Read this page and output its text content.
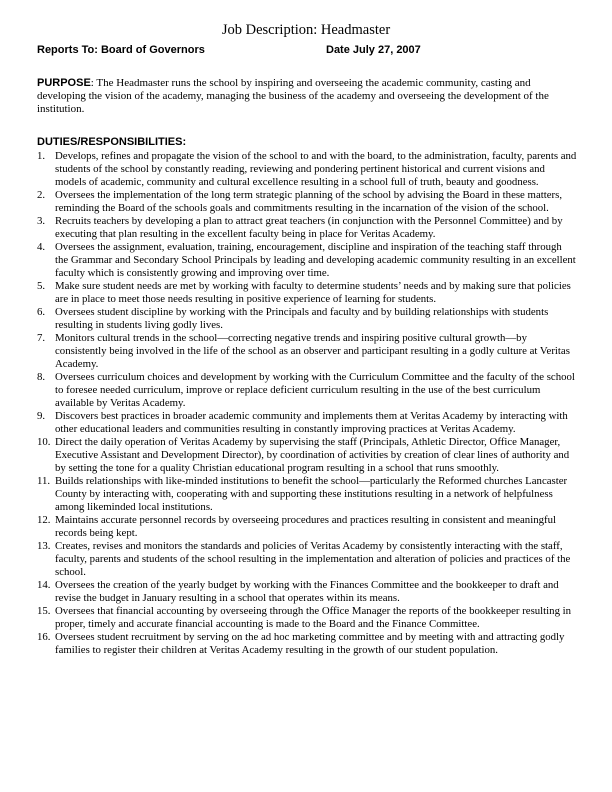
Job Description: Headmaster
Reports To: Board of Governors	Date July 27, 2007
PURPOSE: The Headmaster runs the school by inspiring and overseeing the academic community, casting and developing the vision of the academy, managing the business of the academy and overseeing the development of the institution.
DUTIES/RESPONSIBILITIES:
1. Develops, refines and propagate the vision of the school to and with the board, to the administration, faculty, parents and students of the school by constantly reading, reviewing and pondering pertinent historical and current visions and models of academic, community and cultural excellence resulting in a school full of truth, beauty and goodness.
2. Oversees the implementation of the long term strategic planning of the school by advising the Board in these matters, reminding the Board of the schools goals and commitments resulting in the incarnation of the vision of the school.
3. Recruits teachers by developing a plan to attract great teachers (in conjunction with the Personnel Committee) and by executing that plan resulting in the excellent faculty being in place for Veritas Academy.
4. Oversees the assignment, evaluation, training, encouragement, discipline and inspiration of the teaching staff through the Grammar and Secondary School Principals by leading and developing academic community resulting in an excellent faculty which is consistently growing and improving over time.
5. Make sure student needs are met by working with faculty to determine students’ needs and by making sure that policies are in place to meet those needs resulting in positive experience of learning for students.
6. Oversees student discipline by working with the Principals and faculty and by building relationships with students resulting in students living godly lives.
7. Monitors cultural trends in the school—correcting negative trends and inspiring positive cultural growth—by consistently being involved in the life of the school as an observer and participant resulting in a godly culture at Veritas Academy.
8. Oversees curriculum choices and development by working with the Curriculum Committee and the faculty of the school to foresee needed curriculum, improve or replace deficient curriculum resulting in the use of the best curriculum available by Veritas Academy.
9. Discovers best practices in broader academic community and implements them at Veritas Academy by interacting with other educational leaders and communities resulting in constantly improving practices at Veritas Academy.
10. Direct the daily operation of Veritas Academy by supervising the staff (Principals, Athletic Director, Office Manager, Executive Assistant and Development Director), by coordination of activities by creation of clear lines of authority and by setting the tone for a quality Christian educational program resulting in a school that runs smoothly.
11. Builds relationships with like-minded institutions to benefit the school—particularly the Reformed churches Lancaster County by interacting with, cooperating with and supporting these institutions resulting in a network of helpfulness among likeminded local institutions.
12. Maintains accurate personnel records by overseeing procedures and practices resulting in consistent and meaningful records being kept.
13. Creates, revises and monitors the standards and policies of Veritas Academy by consistently interacting with the staff, faculty, parents and students of the school resulting in the implementation and alteration of policies and practices of the school.
14. Oversees the creation of the yearly budget by working with the Finances Committee and the bookkeeper to draft and revise the budget in January resulting in a school that operates within its means.
15. Oversees that financial accounting by overseeing through the Office Manager the reports of the bookkeeper resulting in proper, timely and accurate financial accounting is made to the Board and the Finance Committee.
16. Oversees student recruitment by serving on the ad hoc marketing committee and by meeting with and attracting godly families to register their children at Veritas Academy resulting in the growth of our student population.
